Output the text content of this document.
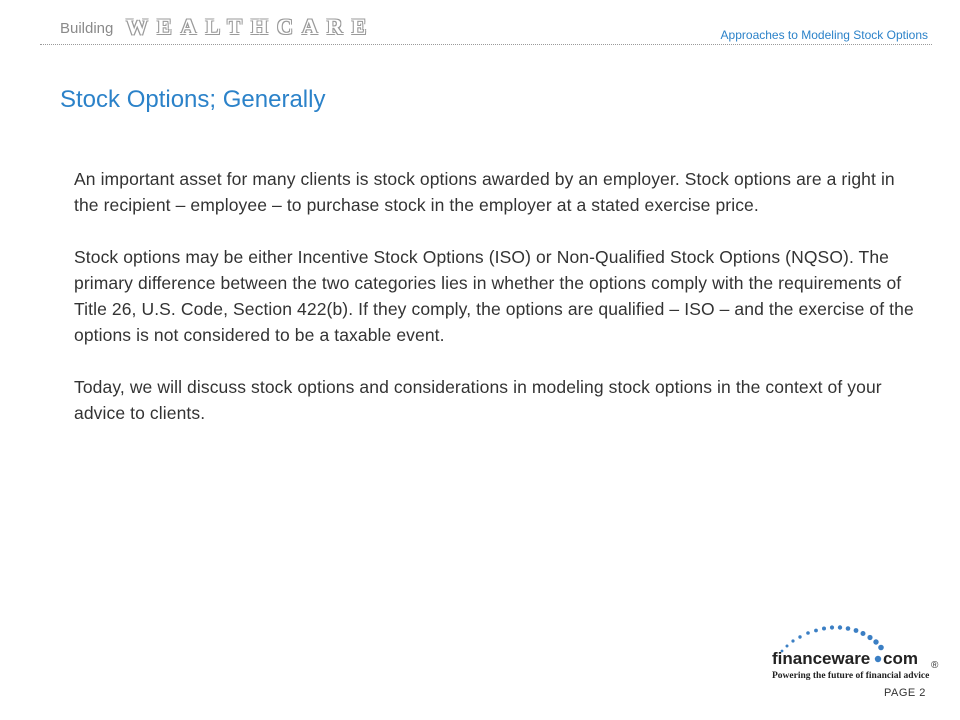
Building WEALTHCARE	Approaches to Modeling Stock Options
Stock Options; Generally

An important asset for many clients is stock options awarded by an employer. Stock options are a right in the recipient – employee – to purchase stock in the employer at a stated exercise price.

Stock options may be either Incentive Stock Options (ISO) or Non-Qualified Stock Options (NQSO). The primary difference between the two categories lies in whether the options comply with the requirements of Title 26, U.S. Code, Section 422(b). If they comply, the options are qualified – ISO – and the exercise of the options is not considered to be a taxable event.

Today, we will discuss stock options and considerations in modeling stock options in the context of your advice to clients.

financeware com
Powering the future of financial advice
®
PAGE 2
